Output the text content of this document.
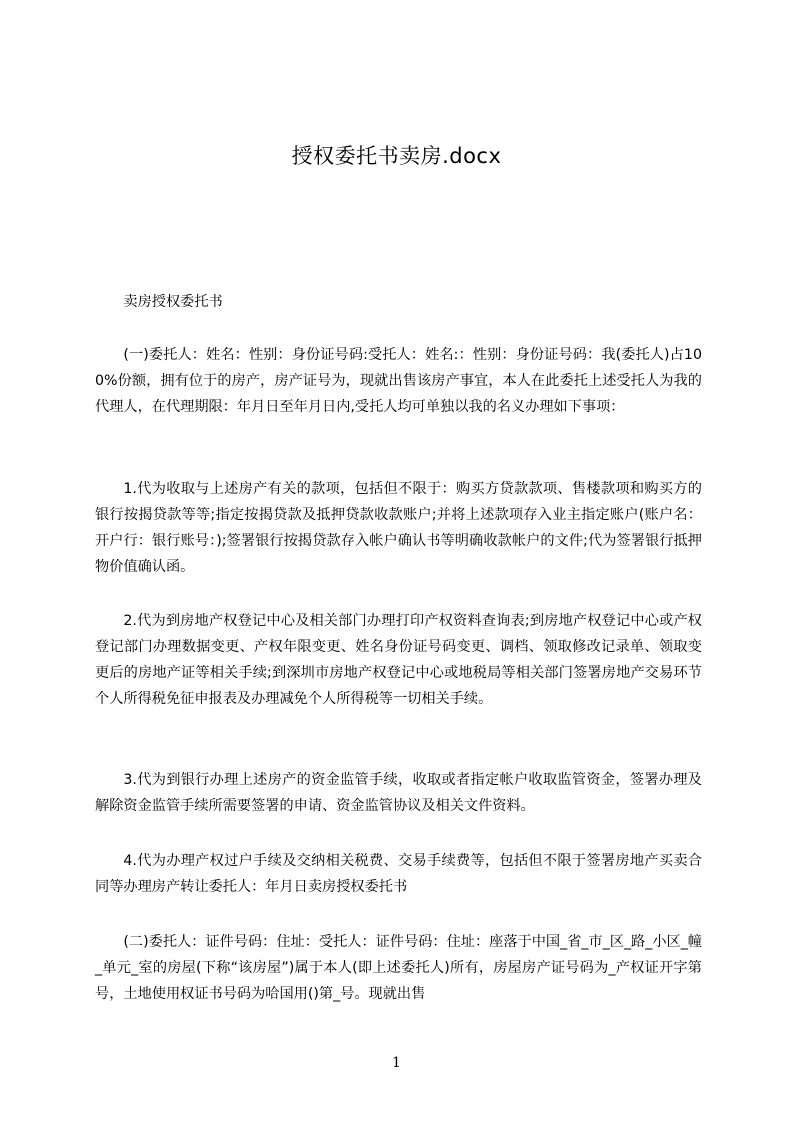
授权委托书卖房.docx

卖房授权委托书

(一)委托人：姓名：性别：身份证号码:受托人：姓名:：性别：身份证号码：我(委托人)占100%份额，拥有位于的房产，房产证号为，现就出售该房产事宜，本人在此委托上述受托人为我的代理人，在代理期限：年月日至年月日内,受托人均可单独以我的名义办理如下事项：

1.代为收取与上述房产有关的款项，包括但不限于：购买方贷款款项、售楼款项和购买方的银行按揭贷款等等;指定按揭贷款及抵押贷款收款账户;并将上述款项存入业主指定账户(账户名：开户行：银行账号：);签署银行按揭贷款存入帐户确认书等明确收款帐户的文件;代为签署银行抵押物价值确认函。

2.代为到房地产权登记中心及相关部门办理打印产权资料查询表;到房地产权登记中心或产权登记部门办理数据变更、产权年限变更、姓名身份证号码变更、调档、领取修改记录单、领取变更后的房地产证等相关手续;到深圳市房地产权登记中心或地税局等相关部门签署房地产交易环节个人所得税免征申报表及办理减免个人所得税等一切相关手续。

3.代为到银行办理上述房产的资金监管手续，收取或者指定帐户收取监管资金，签署办理及解除资金监管手续所需要签署的申请、资金监管协议及相关文件资料。

4.代为办理产权过户手续及交纳相关税费、交易手续费等，包括但不限于签署房地产买卖合同等办理房产转让委托人：年月日卖房授权委托书

(二)委托人：证件号码：住址：受托人：证件号码：住址：座落于中国_省_市_区_路_小区_幢_单元_室的房屋(下称“该房屋”)属于本人(即上述委托人)所有，房屋房产证号码为_产权证开字第号，土地使用权证书号码为哈国用()第_号。现就出售

1
